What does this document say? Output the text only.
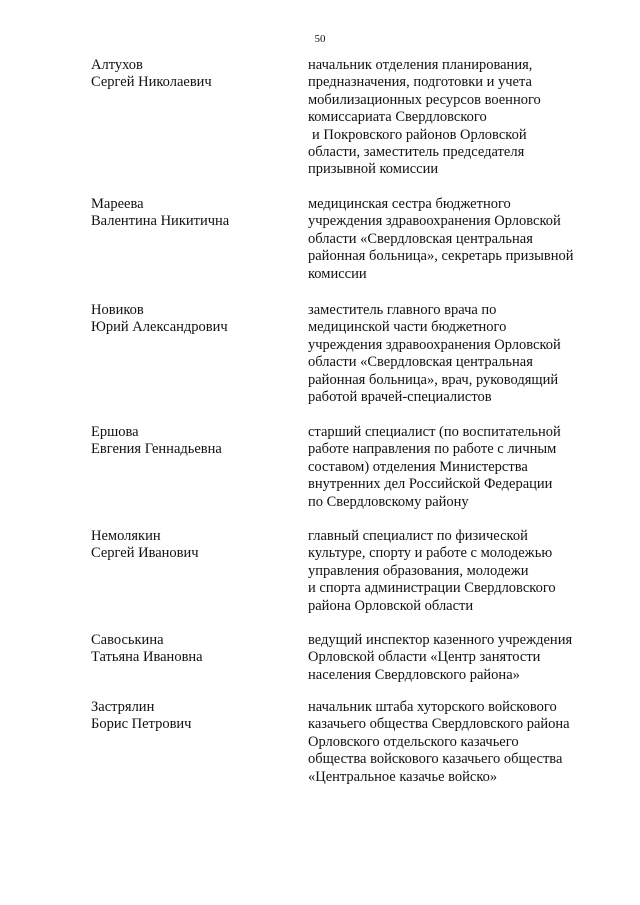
50
Алтухов
Сергей Николаевич
начальник отделения планирования,
предназначения, подготовки и учета
мобилизационных ресурсов военного
комиссариата Свердловского
и Покровского районов Орловской
области, заместитель председателя
призывной комиссии
Мареева
Валентина Никитична
медицинская сестра бюджетного
учреждения здравоохранения Орловской
области «Свердловская центральная
районная больница», секретарь призывной
комиссии
Новиков
Юрий Александрович
заместитель главного врача по
медицинской части бюджетного
учреждения здравоохранения Орловской
области «Свердловская центральная
районная больница», врач, руководящий
работой врачей-специалистов
Ершова
Евгения Геннадьевна
старший специалист (по воспитательной
работе направления по работе с личным
составом) отделения Министерства
внутренних дел Российской Федерации
по Свердловскому району
Немолякин
Сергей Иванович
главный специалист по физической
культуре, спорту и работе с молодежью
управления образования, молодежи
и спорта администрации Свердловского
района Орловской области
Савоськина
Татьяна Ивановна
ведущий инспектор казенного учреждения
Орловской области «Центр занятости
населения Свердловского района»
Застрялин
Борис Петрович
начальник штаба хуторского войскового
казачьего общества Свердловского района
Орловского отдельского казачьего
общества войскового казачьего общества
«Центральное казачье войско»
